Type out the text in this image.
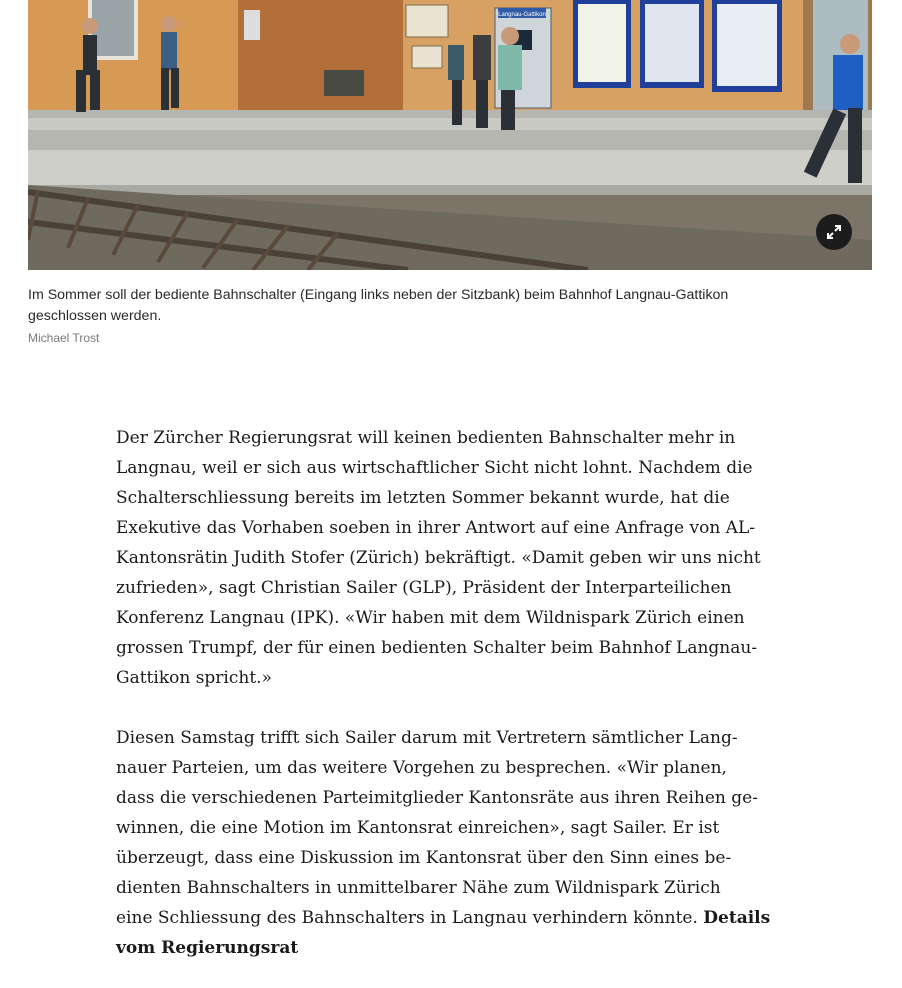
Langnau-Gattikon

Im Sommer soll der bediente Bahnschalter (Eingang links neben der Sitzbank) beim Bahnhof Langnau-Gattikon
geschlossen werden.

Michael Trost

Der Zürcher Regierungsrat will keinen bedienten Bahnschalter mehr in
Langnau, weil er sich aus wirtschaftlicher Sicht nicht lohnt. Nachdem die
Schalterschliessung bereits im letzten Sommer bekannt wurde, hat die
Exekutive das Vorhaben soeben in ihrer Antwort auf eine Anfrage von AL-
Kantonsrätin Judith Stofer (Zürich) bekräftigt. «Damit geben wir uns nicht
zufrieden», sagt Christian Sailer (GLP), Präsident der Interparteilichen
Konferenz Langnau (IPK). «Wir haben mit dem Wildnispark Zürich einen
grossen Trumpf, der für einen bedienten Schalter beim Bahnhof Langnau-
Gattikon spricht.»

Diesen Samstag trifft sich Sailer darum mit Vertretern sämtlicher Lang-
nauer Parteien, um das weitere Vorgehen zu besprechen. «Wir planen,
dass die verschiedenen Parteimitglieder Kantonsräte aus ihren Reihen ge-
winnen, die eine Motion im Kantonsrat einreichen», sagt Sailer. Er ist
überzeugt, dass eine Diskussion im Kantonsrat über den Sinn eines be-
dienten Bahnschalters in unmittelbarer Nähe zum Wildnispark Zürich
eine Schliessung des Bahnschalters in Langnau verhindern könnte. Details
vom Regierungsrat
